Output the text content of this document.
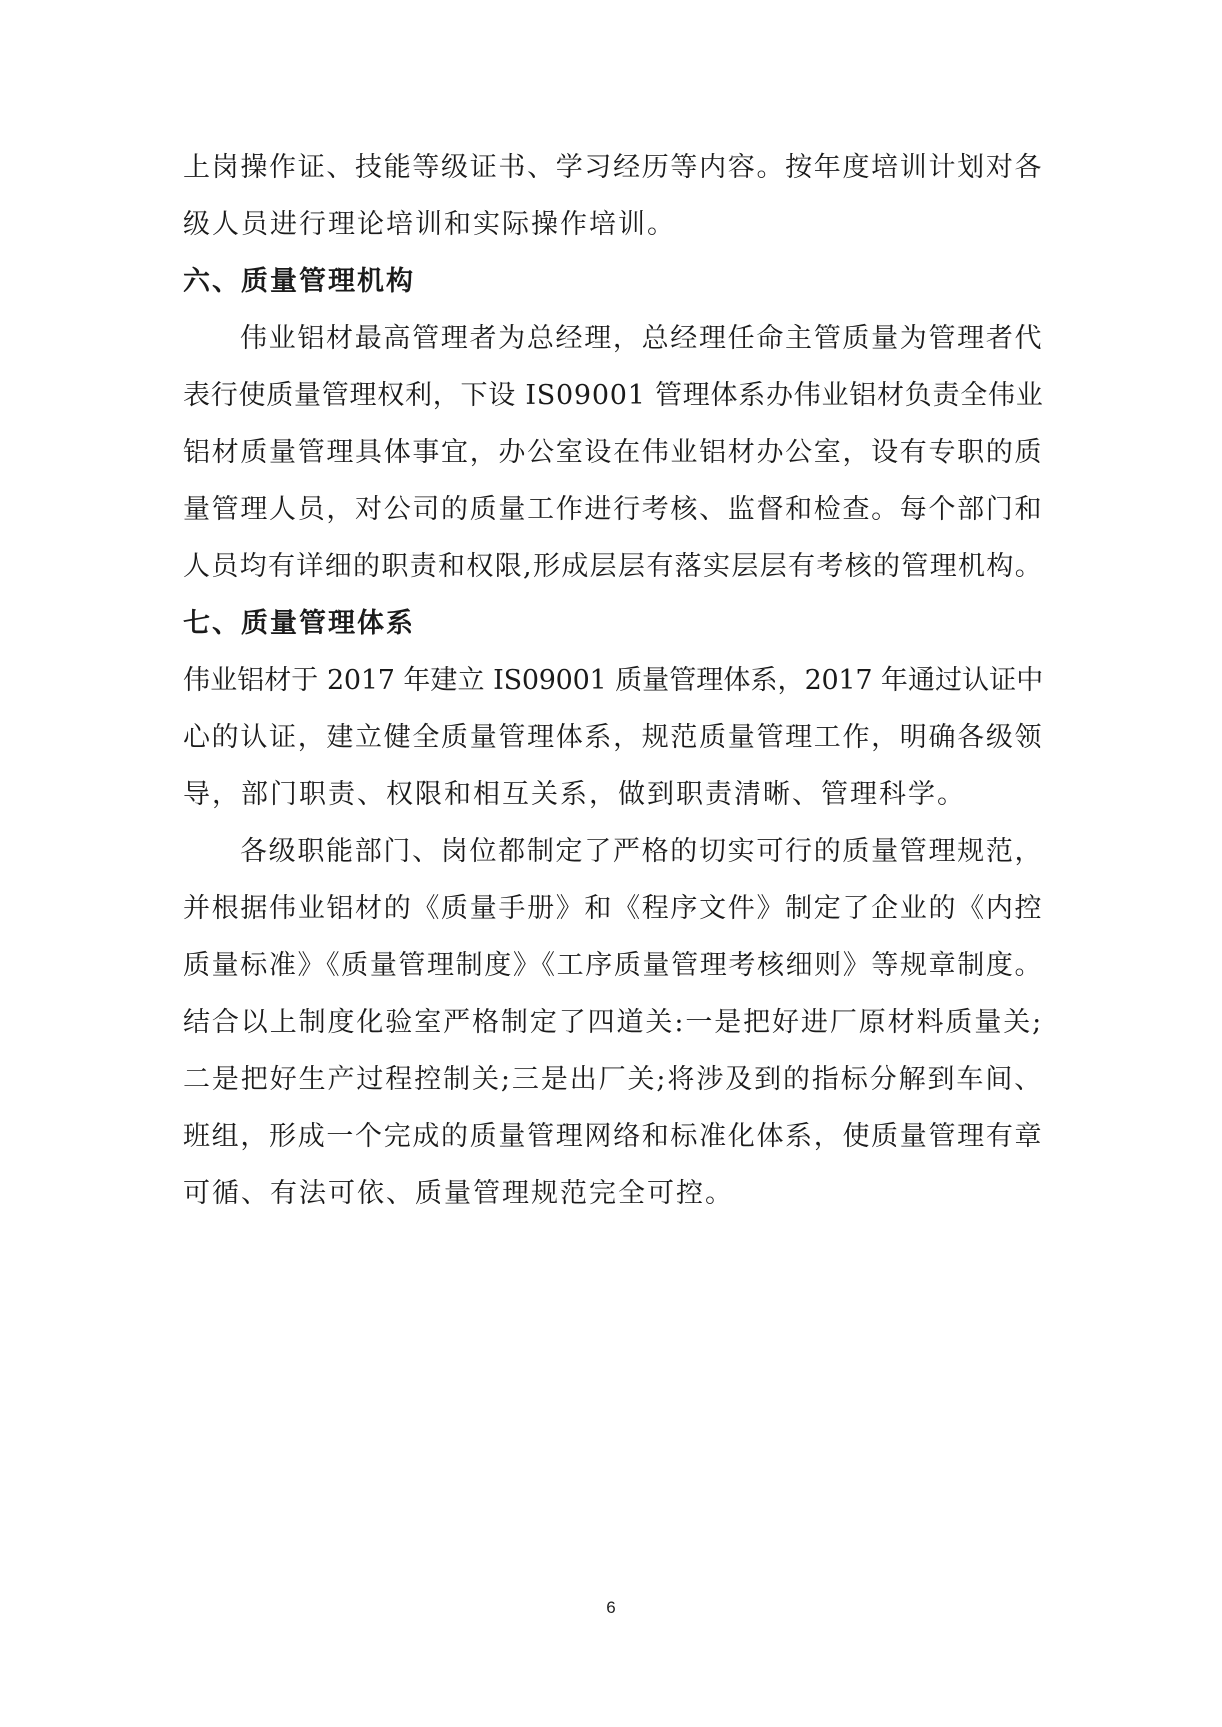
上岗操作证、技能等级证书、学习经历等内容。按年度培训计划对各
级人员进行理论培训和实际操作培训。
六、质量管理机构
伟业铝材最高管理者为总经理，总经理任命主管质量为管理者代
表行使质量管理权利，下设 IS09001 管理体系办伟业铝材负责全伟业
铝材质量管理具体事宜，办公室设在伟业铝材办公室，设有专职的质
量管理人员，对公司的质量工作进行考核、监督和检查。每个部门和
人员均有详细的职责和权限,形成层层有落实层层有考核的管理机构。
七、质量管理体系
伟业铝材于 2017 年建立 IS09001 质量管理体系，2017 年通过认证中
心的认证，建立健全质量管理体系，规范质量管理工作，明确各级领
导，部门职责、权限和相互关系，做到职责清晰、管理科学。
各级职能部门、岗位都制定了严格的切实可行的质量管理规范，
并根据伟业铝材的《质量手册》和《程序文件》制定了企业的《内控
质量标准》《质量管理制度》《工序质量管理考核细则》等规章制度。
结合以上制度化验室严格制定了四道关:一是把好进厂原材料质量关;
二是把好生产过程控制关;三是出厂关;将涉及到的指标分解到车间、
班组，形成一个完成的质量管理网络和标准化体系，使质量管理有章
可循、有法可依、质量管理规范完全可控。
6
